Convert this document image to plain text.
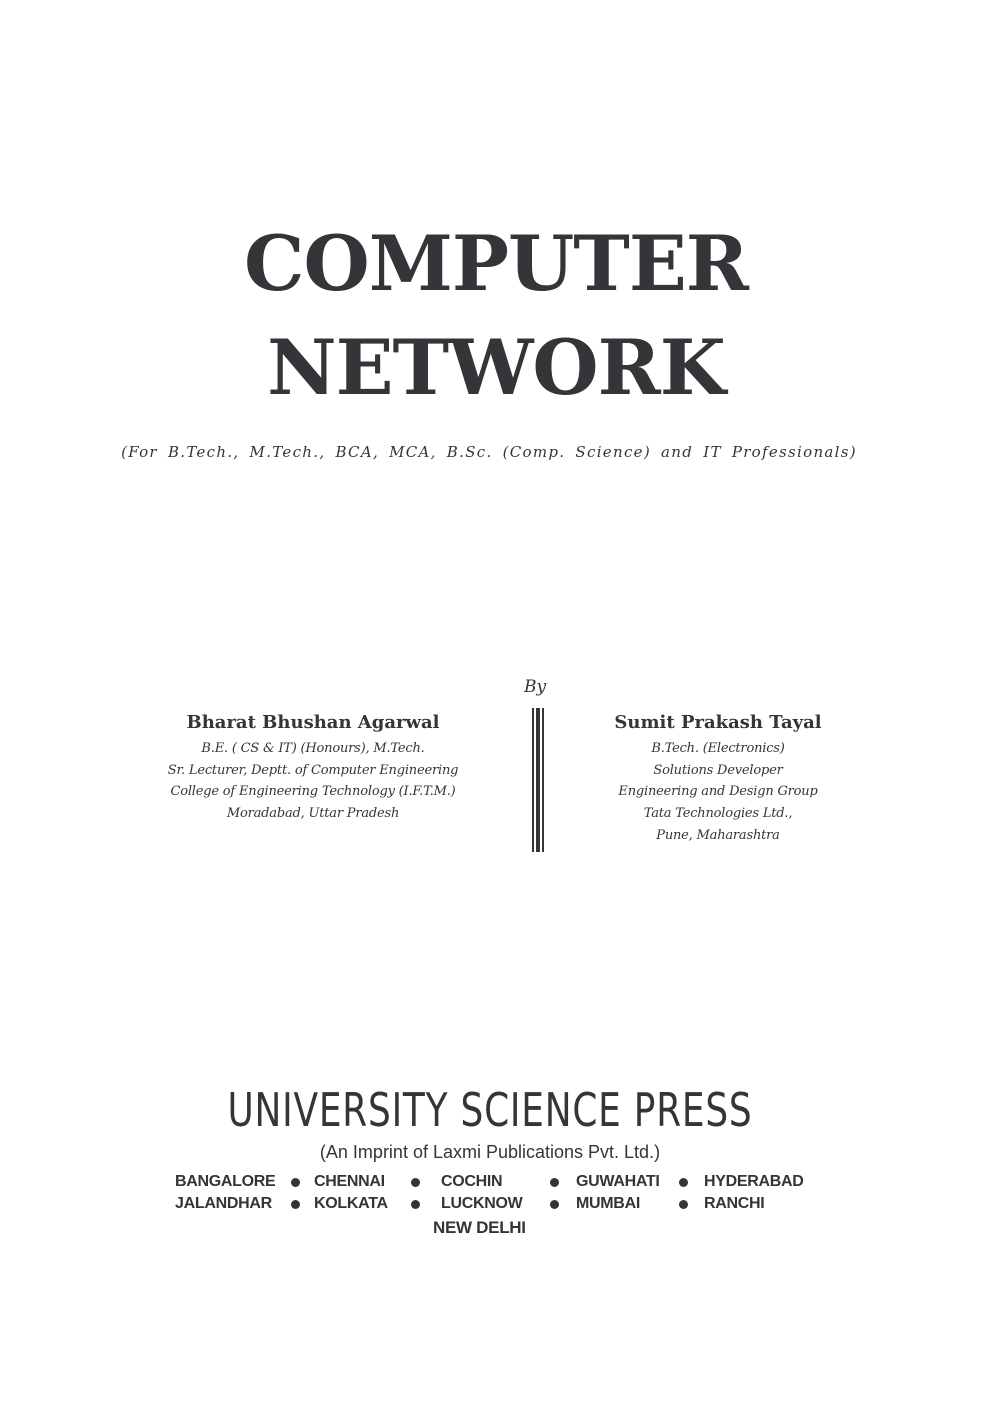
COMPUTER
NETWORK
(For B.Tech., M.Tech., BCA, MCA, B.Sc. (Comp. Science) and IT Professionals)
By
Bharat Bhushan Agarwal
B.E. ( CS & IT) (Honours), M.Tech.
Sr. Lecturer, Deptt. of Computer Engineering
College of Engineering Technology (I.F.T.M.)
Moradabad, Uttar Pradesh
Sumit Prakash Tayal
B.Tech. (Electronics)
Solutions Developer
Engineering and Design Group
Tata Technologies Ltd.,
Pune, Maharashtra
UNIVERSITY SCIENCE PRESS
(An Imprint of Laxmi Publications Pvt. Ltd.)
BANGALORE CHENNAI	COCHIN	GUWAHATI	HYDERABAD
JALANDHAR	KOLKATA	LUCKNOW	MUMBAI	RANCHI
NEW DELHI
